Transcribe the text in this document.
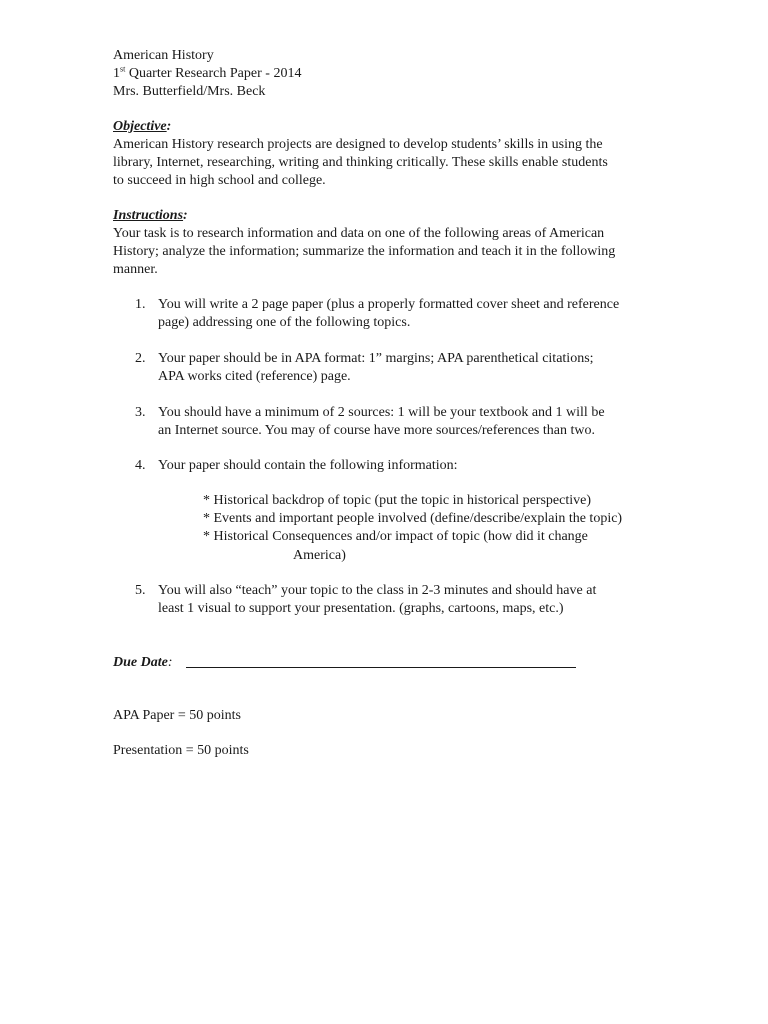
American History
1st Quarter Research Paper - 2014
Mrs. Butterfield/Mrs. Beck
Objective:
American History research projects are designed to develop students’ skills in using the
library, Internet, researching, writing and thinking critically. These skills enable students
to succeed in high school and college.
Instructions:
Your task is to research information and data on one of the following areas of American
History; analyze the information; summarize the information and teach it in the following
manner.
1. You will write a 2 page paper (plus a properly formatted cover sheet and reference
page) addressing one of the following topics.
2. Your paper should be in APA format: 1” margins; APA parenthetical citations;
APA works cited (reference) page.
3. You should have a minimum of 2 sources: 1 will be your textbook and 1 will be
an Internet source. You may of course have more sources/references than two.
4. Your paper should contain the following information:
* Historical backdrop of topic (put the topic in historical perspective)
* Events and important people involved (define/describe/explain the topic)
* Historical Consequences and/or impact of topic (how did it change
America)
5. You will also “teach” your topic to the class in 2-3 minutes and should have at
least 1 visual to support your presentation. (graphs, cartoons, maps, etc.)
Due Date:
APA Paper = 50 points
Presentation = 50 points
